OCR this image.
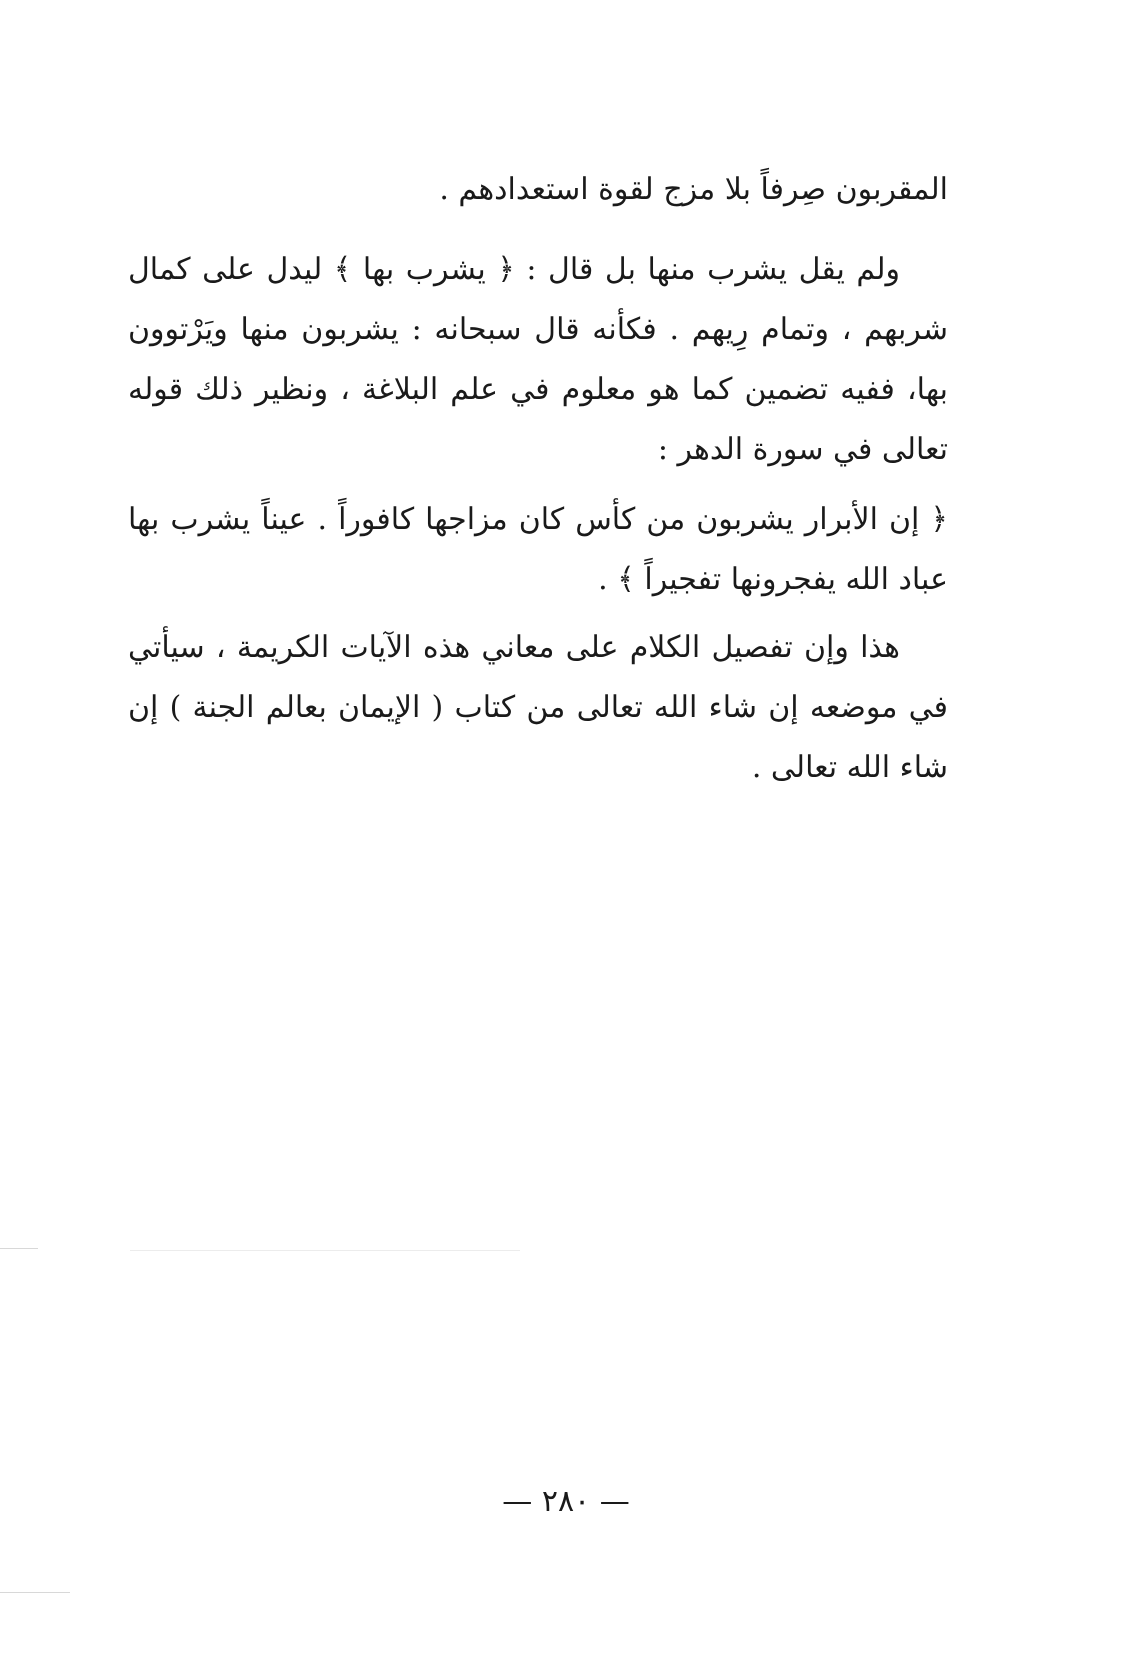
المقربون صِرفاً بلا مزج لقوة استعدادهم .

ولم يقل يشرب منها بل قال : ﴿ يشرب بها ﴾ ليدل على كمال شربهم ، وتمام رِيهم . فكأنه قال سبحانه : يشربون منها ويَرْتوون بها، ففيه تضمين كما هو معلوم في علم البلاغة ، ونظير ذلك قوله تعالى في سورة الدهر :

﴿ إن الأبرار يشربون من كأس كان مزاجها كافوراً . عيناً يشرب بها عباد الله يفجرونها تفجيراً ﴾ .

هذا وإن تفصيل الكلام على معاني هذه الآيات الكريمة ، سيأتي في موضعه إن شاء الله تعالى من كتاب ( الإيمان بعالم الجنة ) إن شاء الله تعالى .

— ٢٨٠ —
